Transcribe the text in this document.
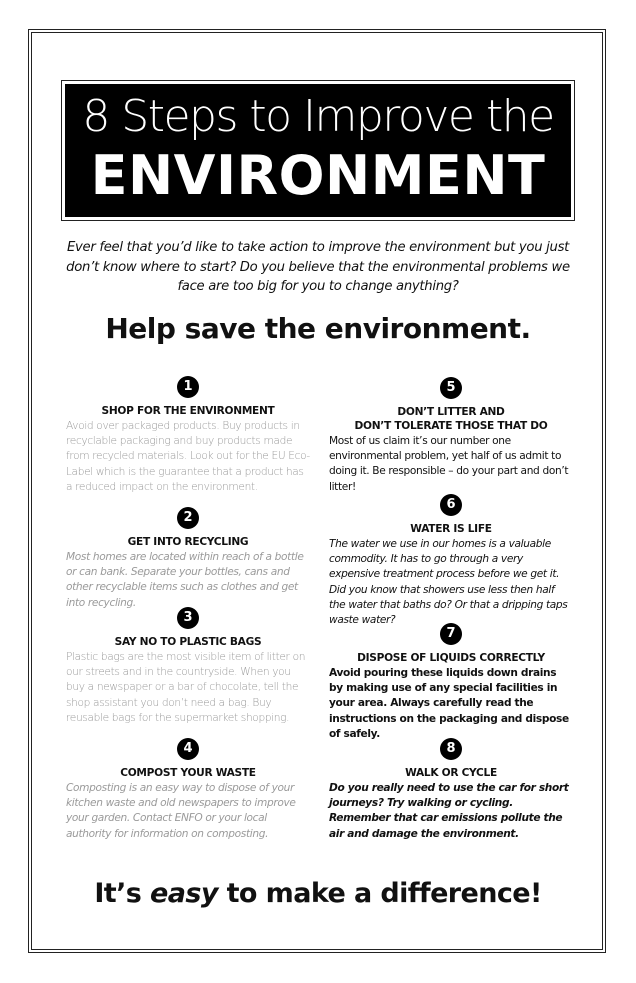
8 Steps to Improve the
ENVIRONMENT
Ever feel that you’d like to take action to improve the environment but you just don’t know where to start? Do you believe that the environmental problems we face are too big for you to change anything?
Help save the environment.
1
SHOP FOR THE ENVIRONMENT
Avoid over packaged products. Buy products in recyclable packaging and buy products made from recycled materials. Look out for the EU Eco-Label which is the guarantee that a product has a reduced impact on the environment.
2
GET INTO RECYCLING
Most homes are located within reach of a bottle or can bank. Separate your bottles, cans and other recyclable items such as clothes and get into recycling.
3
SAY NO TO PLASTIC BAGS
Plastic bags are the most visible item of litter on our streets and in the countryside. When you buy a newspaper or a bar of chocolate, tell the shop assistant you don’t need a bag. Buy reusable bags for the supermarket shopping.
4
COMPOST YOUR WASTE
Composting is an easy way to dispose of your kitchen waste and old newspapers to improve your garden. Contact ENFO or your local authority for information on composting.
5
DON’T LITTER AND
DON’T TOLERATE THOSE THAT DO
Most of us claim it’s our number one environmental problem, yet half of us admit to doing it. Be responsible – do your part and don’t litter!
6
WATER IS LIFE
The water we use in our homes is a valuable commodity. It has to go through a very expensive treatment process before we get it. Did you know that showers use less then half the water that baths do? Or that a dripping taps waste water?
7
DISPOSE OF LIQUIDS CORRECTLY
Avoid pouring these liquids down drains by making use of any special facilities in your area. Always carefully read the instructions on the packaging and dispose of safely.
8
WALK OR CYCLE
Do you really need to use the car for short journeys? Try walking or cycling. Remember that car emissions pollute the air and damage the environment.
It’s easy to make a difference!
